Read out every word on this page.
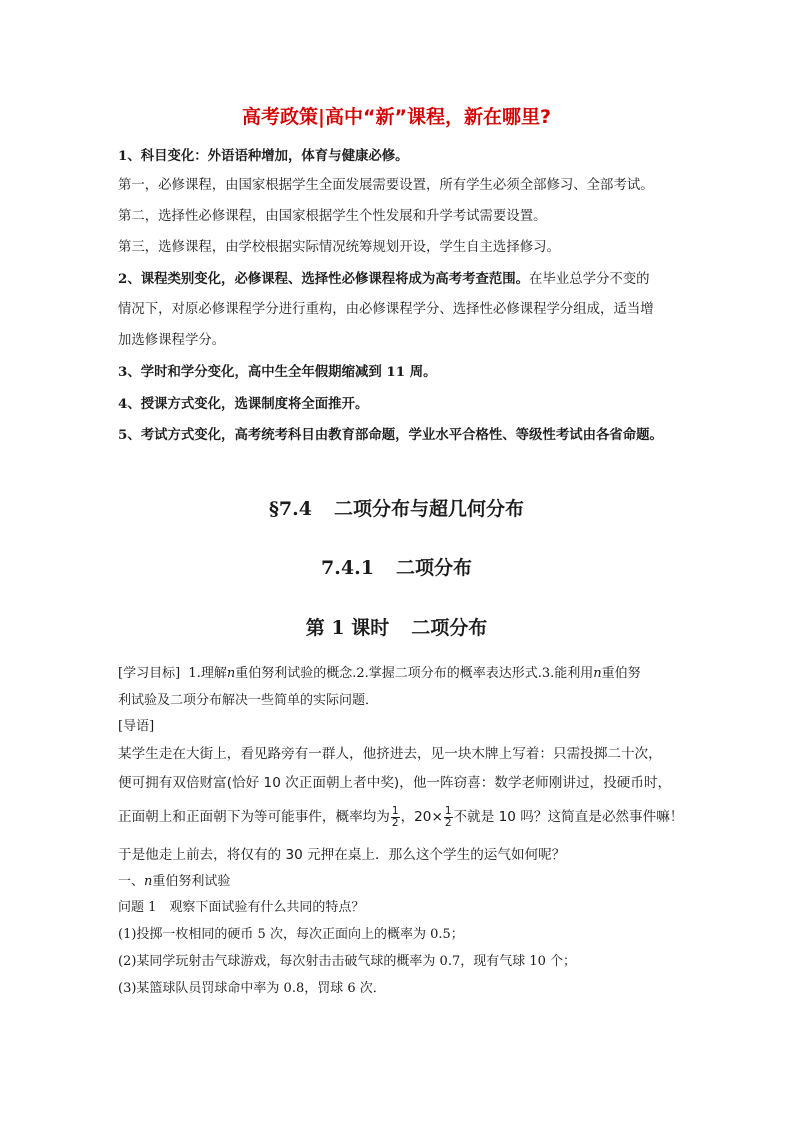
高考政策|高中“新”课程，新在哪里?
1、科目变化：外语语种增加，体育与健康必修。
第一，必修课程，由国家根据学生全面发展需要设置，所有学生必须全部修习、全部考试。
第二，选择性必修课程，由国家根据学生个性发展和升学考试需要设置。
第三，选修课程，由学校根据实际情况统筹规划开设，学生自主选择修习。
2、课程类别变化，必修课程、选择性必修课程将成为高考考查范围。在毕业总学分不变的
情况下，对原必修课程学分进行重构，由必修课程学分、选择性必修课程学分组成，适当增
加选修课程学分。
3、学时和学分变化，高中生全年假期缩减到 11 周。
4、授课方式变化，选课制度将全面推开。
5、考试方式变化，高考统考科目由教育部命题，学业水平合格性、等级性考试由各省命题。
§7.4 二项分布与超几何分布
7.4.1 二项分布
第 1 课时 二项分布
[学习目标] 1.理解n重伯努利试验的概念.2.掌握二项分布的概率表达形式.3.能利用n重伯努
利试验及二项分布解决一些简单的实际问题．
[导语]
某学生走在大街上，看见路旁有一群人，他挤进去，见一块木牌上写着：只需投掷二十次，
便可拥有双倍财富(恰好 10 次正面朝上者中奖)，他一阵窃喜：数学老师刚讲过，投硬币时，
正面朝上和正面朝下为等可能事件，概率均为 $\frac{1}{2}$ ，$20\times \frac{1}{2}$ 不就是 10 吗？这简直是必然事件嘛！
于是他走上前去，将仅有的 30 元押在桌上．那么这个学生的运气如何呢？
一、n重伯努利试验
问题 1　观察下面试验有什么共同的特点？
(1)投掷一枚相同的硬币 5 次，每次正面向上的概率为 0.5；
(2)某同学玩射击气球游戏，每次射击击破气球的概率为 0.7，现有气球 10 个；
(3)某篮球队员罚球命中率为 0.8，罚球 6 次．
